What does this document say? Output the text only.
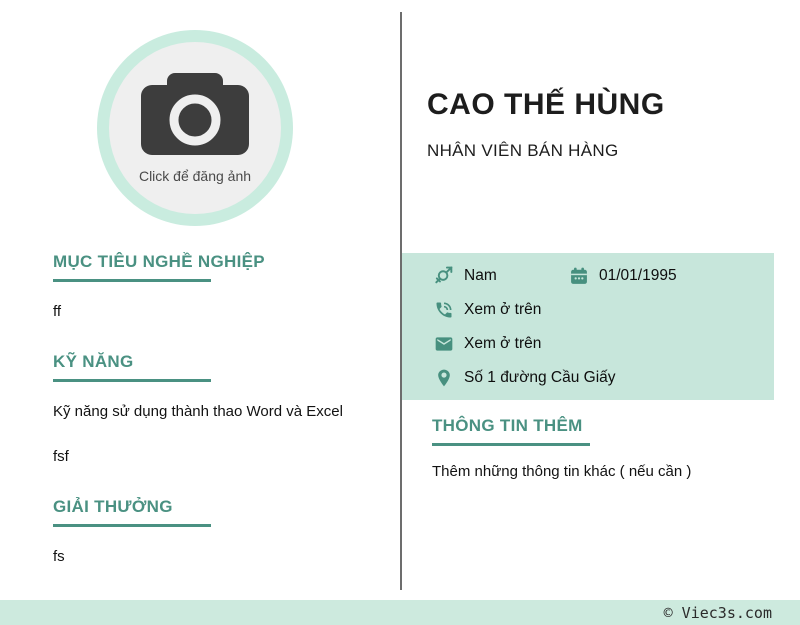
Click để đăng ảnh
MỤC TIÊU NGHỀ NGHIỆP

ff

KỸ NĂNG

Kỹ năng sử dụng thành thao Word và Excel

fsf

GIẢI THƯỞNG

fs

CAO THẾ HÙNG

NHÂN VIÊN BÁN HÀNG

Nam	01/01/1995
Xem ở trên
Xem ở trên
Số 1 đường Cầu Giấy
THÔNG TIN THÊM

Thêm những thông tin khác ( nếu cần )

© Viec3s.com
